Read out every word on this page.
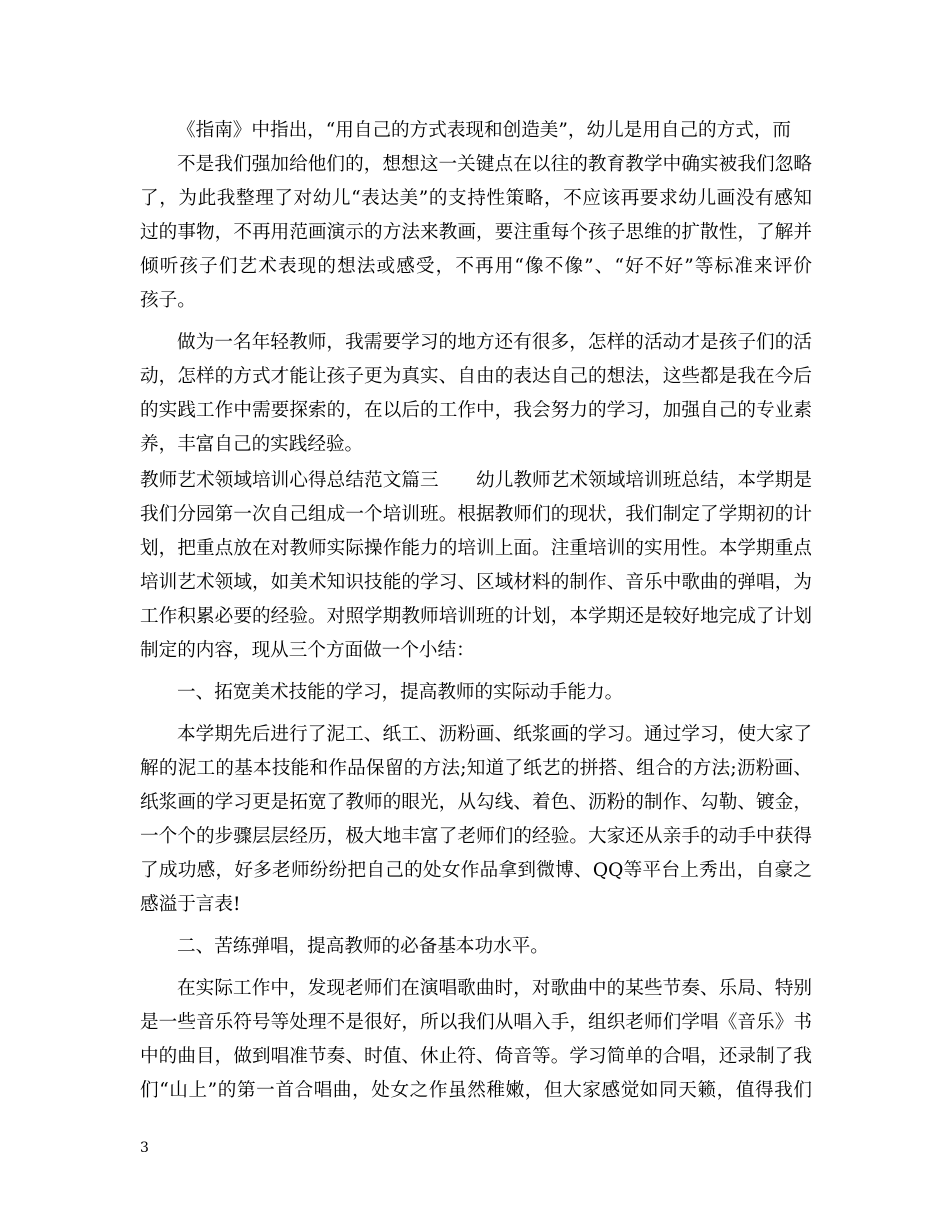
《指南》中指出，“用自己的方式表现和创造美”，幼儿是用自己的方式，而
不是我们强加给他们的，想想这一关键点在以往的教育教学中确实被我们忽略
了，为此我整理了对幼儿“表达美”的支持性策略，不应该再要求幼儿画没有感知
过的事物，不再用范画演示的方法来教画，要注重每个孩子思维的扩散性，了解并
倾听孩子们艺术表现的想法或感受，不再用“像不像”、“好不好”等标准来评价
孩子。
做为一名年轻教师，我需要学习的地方还有很多，怎样的活动才是孩子们的活
动，怎样的方式才能让孩子更为真实、自由的表达自己的想法，这些都是我在今后
的实践工作中需要探索的，在以后的工作中，我会努力的学习，加强自己的专业素
养，丰富自己的实践经验。
教师艺术领域培训心得总结范文篇三　　幼儿教师艺术领域培训班总结，本学期是
我们分园第一次自己组成一个培训班。根据教师们的现状，我们制定了学期初的计
划，把重点放在对教师实际操作能力的培训上面。注重培训的实用性。本学期重点
培训艺术领域，如美术知识技能的学习、区域材料的制作、音乐中歌曲的弹唱，为
工作积累必要的经验。对照学期教师培训班的计划，本学期还是较好地完成了计划
制定的内容，现从三个方面做一个小结：
一、拓宽美术技能的学习，提高教师的实际动手能力。
本学期先后进行了泥工、纸工、沥粉画、纸浆画的学习。通过学习，使大家了
解的泥工的基本技能和作品保留的方法;知道了纸艺的拼搭、组合的方法;沥粉画、
纸浆画的学习更是拓宽了教师的眼光，从勾线、着色、沥粉的制作、勾勒、镀金，
一个个的步骤层层经历，极大地丰富了老师们的经验。大家还从亲手的动手中获得
了成功感，好多老师纷纷把自己的处女作品拿到微博、QQ等平台上秀出，自豪之
感溢于言表!
二、苦练弹唱，提高教师的必备基本功水平。
在实际工作中，发现老师们在演唱歌曲时，对歌曲中的某些节奏、乐局、特别
是一些音乐符号等处理不是很好，所以我们从唱入手，组织老师们学唱《音乐》书
中的曲目，做到唱准节奏、时值、休止符、倚音等。学习简单的合唱，还录制了我
们“山上”的第一首合唱曲，处女之作虽然稚嫩，但大家感觉如同天籁，值得我们
3
